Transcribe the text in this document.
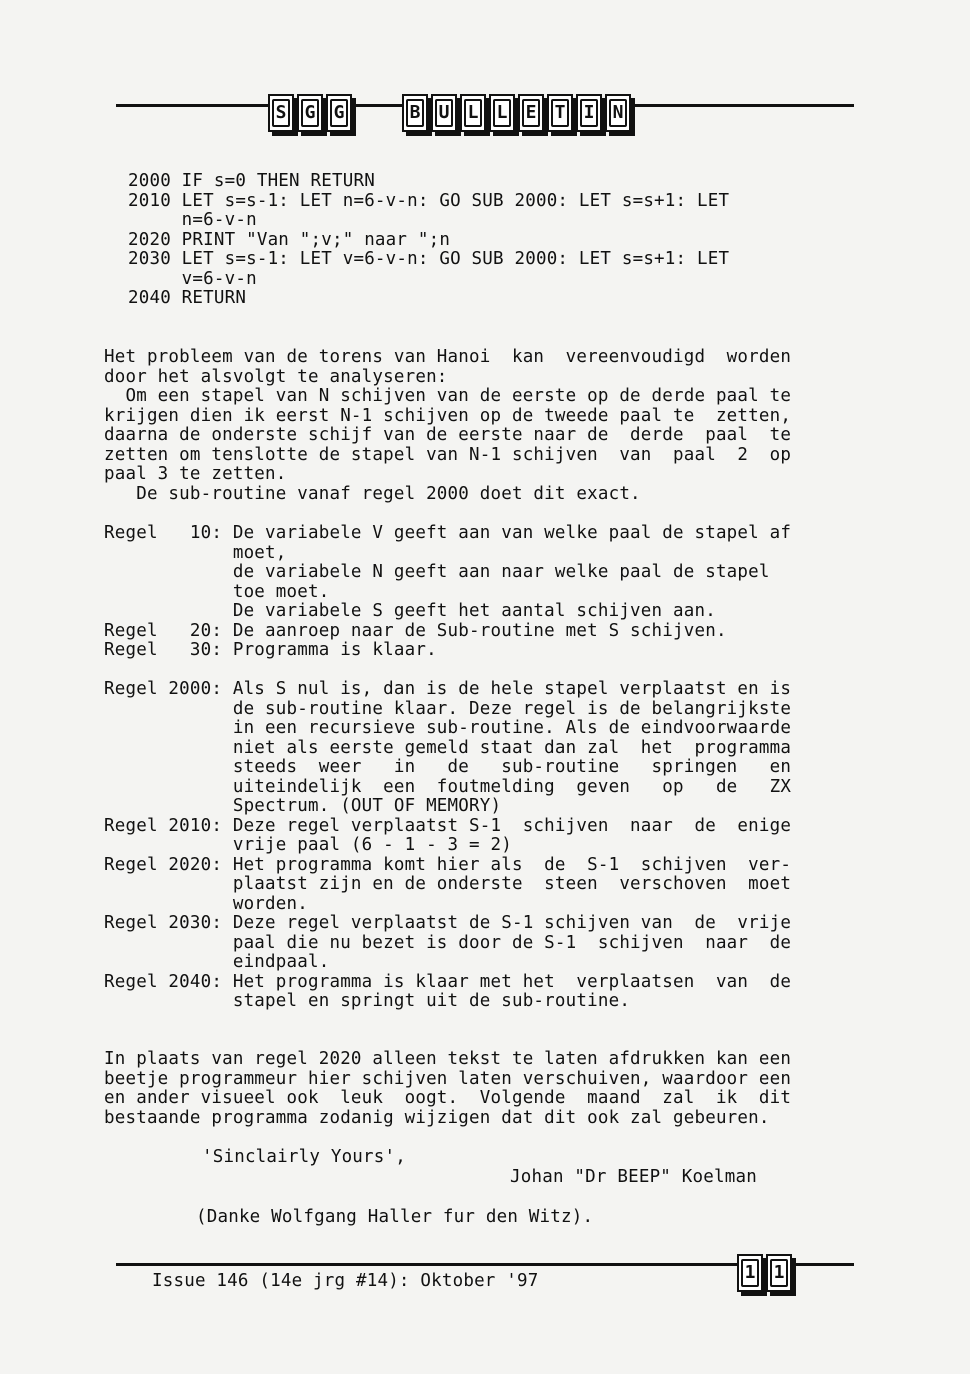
S G G	B U L L E T I N
2000 IF s=0 THEN RETURN
2010 LET s=s-1: LET n=6-v-n: GO SUB 2000: LET s=s+1: LET
n=6-v-n
2020 PRINT "Van ";v;" naar ";n
2030 LET s=s-1: LET v=6-v-n: GO SUB 2000: LET s=s+1: LET
v=6-v-n
2040 RETURN
Het probleem van de torens van Hanoi  kan  vereenvoudigd  worden
door het alsvolgt te analyseren:
Om een stapel van N schijven van de eerste op de derde paal te
krijgen dien ik eerst N-1 schijven op de tweede paal te  zetten,
daarna de onderste schijf van de eerste naar de  derde  paal  te
zetten om tenslotte de stapel van N-1 schijven  van  paal  2  op
paal 3 te zetten.
De sub-routine vanaf regel 2000 doet dit exact.
Regel   10: De variabele V geeft aan van welke paal de stapel af
moet,
de variabele N geeft aan naar welke paal de stapel
toe moet.
De variabele S geeft het aantal schijven aan.
Regel   20: De aanroep naar de Sub-routine met S schijven.
Regel   30: Programma is klaar.

Regel 2000: Als S nul is, dan is de hele stapel verplaatst en is
de sub-routine klaar. Deze regel is de belangrijkste
in een recursieve sub-routine. Als de eindvoorwaarde
niet als eerste gemeld staat dan zal  het  programma
steeds  weer   in   de   sub-routine   springen   en
uiteindelijk  een  foutmelding  geven   op   de   ZX
Spectrum. (OUT OF MEMORY)
Regel 2010: Deze regel verplaatst S-1  schijven  naar  de  enige
vrije paal (6 - 1 - 3 = 2)
Regel 2020: Het programma komt hier als  de  S-1  schijven  ver-
plaatst zijn en de onderste  steen  verschoven  moet
worden.
Regel 2030: Deze regel verplaatst de S-1 schijven van  de  vrije
paal die nu bezet is door de S-1  schijven  naar  de
eindpaal.
Regel 2040: Het programma is klaar met het  verplaatsen  van  de
stapel en springt uit de sub-routine.
In plaats van regel 2020 alleen tekst te laten afdrukken kan een
beetje programmeur hier schijven laten verschuiven, waardoor een
en ander visueel ook  leuk  oogt.  Volgende  maand  zal  ik  dit
bestaande programma zodanig wijzigen dat dit ook zal gebeuren.
'Sinclairly Yours',
Johan "Dr BEEP" Koelman
(Danke Wolfgang Haller fur den Witz).
Issue 146 (14e jrg #14): Oktober '97	1 1
